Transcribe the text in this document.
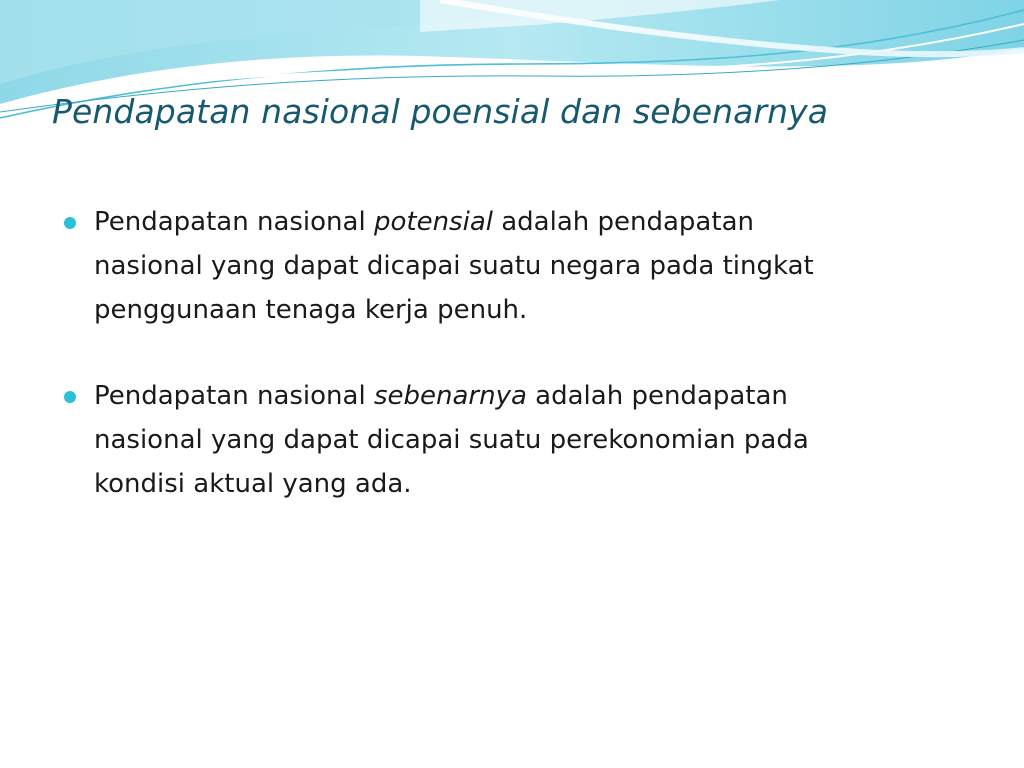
Pendapatan nasional poensial dan sebenarnya
Pendapatan nasional potensial adalah pendapatan
nasional yang dapat dicapai suatu negara pada tingkat
penggunaan tenaga kerja penuh.
Pendapatan nasional sebenarnya adalah pendapatan
nasional yang dapat dicapai suatu perekonomian pada
kondisi aktual yang ada.
